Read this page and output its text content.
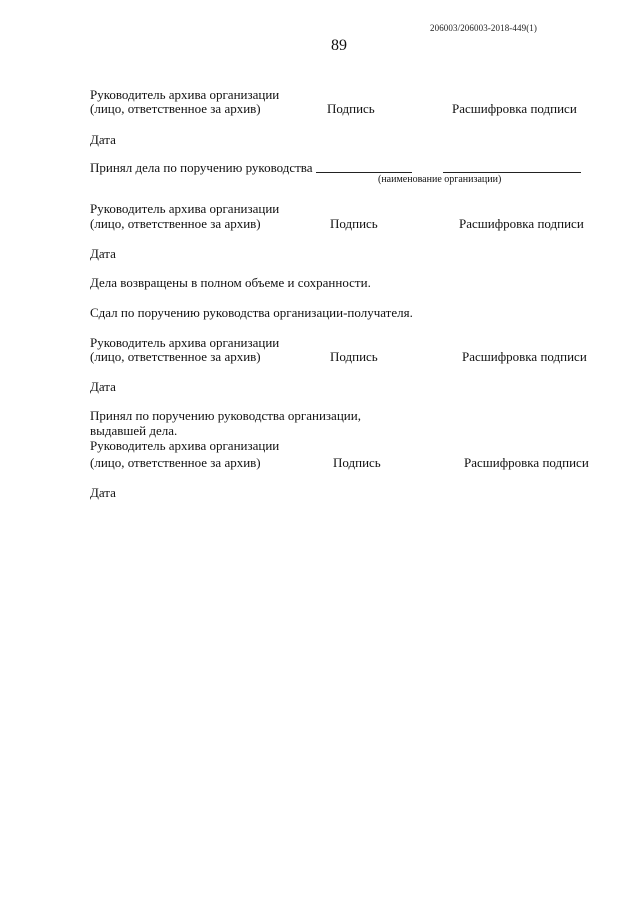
206003/206003-2018-449(1)
89
Руководитель архива организации
(лицо, ответственное за архив)	Подпись	Расшифровка подписи
Дата
Принял дела по поручению руководства
(наименование организации)
Руководитель архива организации
(лицо, ответственное за архив)	Подпись	Расшифровка подписи
Дата
Дела возвращены в полном объеме и сохранности.
Сдал по поручению руководства организации-получателя.
Руководитель архива организации
(лицо, ответственное за архив)	Подпись	Расшифровка подписи
Дата
Принял по поручению руководства организации,
выдавшей дела.
Руководитель архива организации
(лицо, ответственное за архив)	Подпись	Расшифровка подписи
Дата
